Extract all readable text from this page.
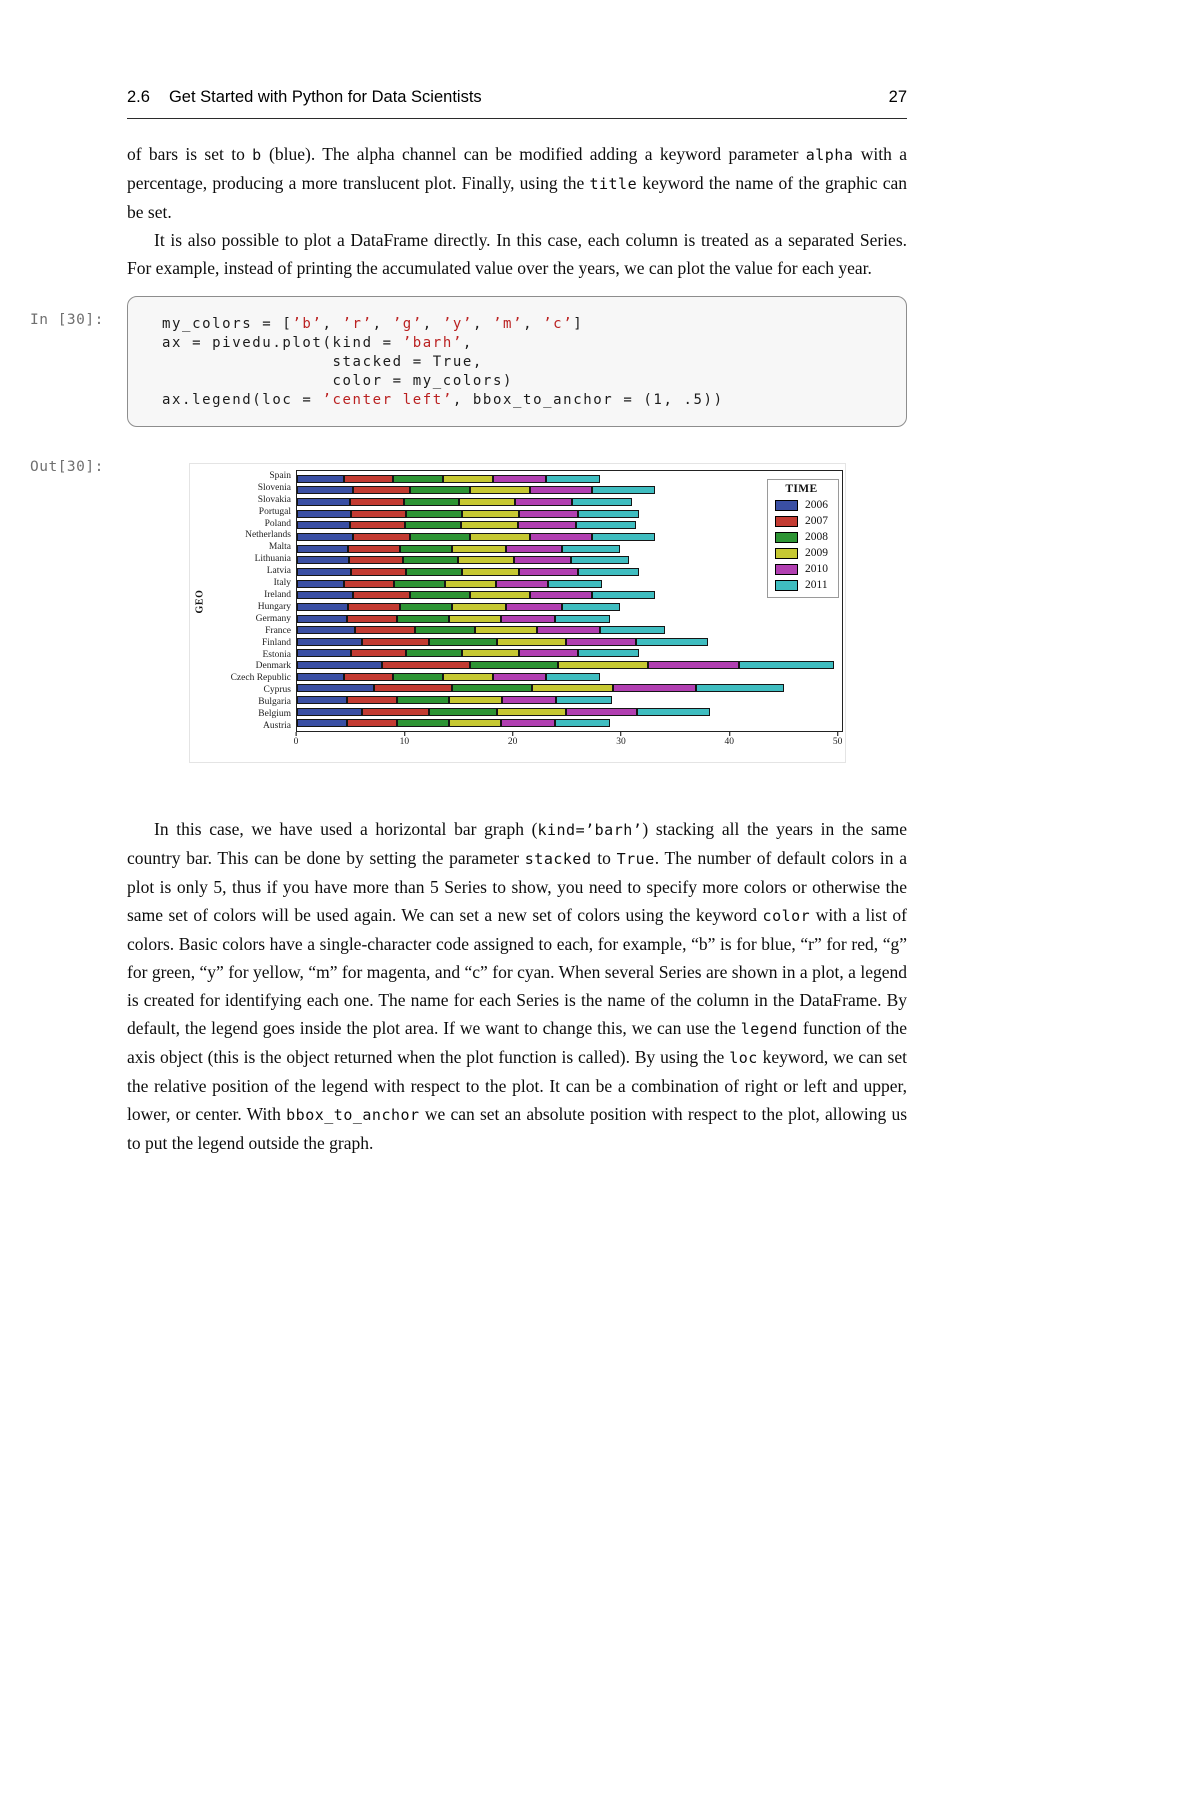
2.6 Get Started with Python for Data Scientists	27

of bars is set to b (blue). The alpha channel can be modified adding a keyword parameter alpha with a percentage, producing a more translucent plot. Finally, using the title keyword the name of the graphic can be set.

It is also possible to plot a DataFrame directly. In this case, each column is treated as a separated Series. For example, instead of printing the accumulated value over the years, we can plot the value for each year.

In [30]:	my_colors = [’b’, ’r’, ’g’, ’y’, ’m’, ’c’]
ax = pivedu.plot(kind = ’barh’,
stacked = True,
color = my_colors)
ax.legend(loc = ’center left’, bbox_to_anchor = (1, .5))
Out[30]:
GEO
Spain
Slovenia
Slovakia
Portugal
Poland
Netherlands
Malta
Lithuania
Latvia
Italy
Ireland
Hungary
Germany
France
Finland
Estonia
Denmark
Czech Republic
Cyprus
Bulgaria
Belgium
Austria
TIME
2006
2007
2008
2009
2010
2011
0	10	20	30	40	50

In this case, we have used a horizontal bar graph (kind=’barh’) stacking all the years in the same country bar. This can be done by setting the parameter stacked to True. The number of default colors in a plot is only 5, thus if you have more than 5 Series to show, you need to specify more colors or otherwise the same set of colors will be used again. We can set a new set of colors using the keyword color with a list of colors. Basic colors have a single-character code assigned to each, for example, “b” is for blue, “r” for red, “g” for green, “y” for yellow, “m” for magenta, and “c” for cyan. When several Series are shown in a plot, a legend is created for identifying each one. The name for each Series is the name of the column in the DataFrame. By default, the legend goes inside the plot area. If we want to change this, we can use the legend function of the axis object (this is the object returned when the plot function is called). By using the loc keyword, we can set the relative position of the legend with respect to the plot. It can be a combination of right or left and upper, lower, or center. With bbox_to_anchor we can set an absolute position with respect to the plot, allowing us to put the legend outside the graph.
